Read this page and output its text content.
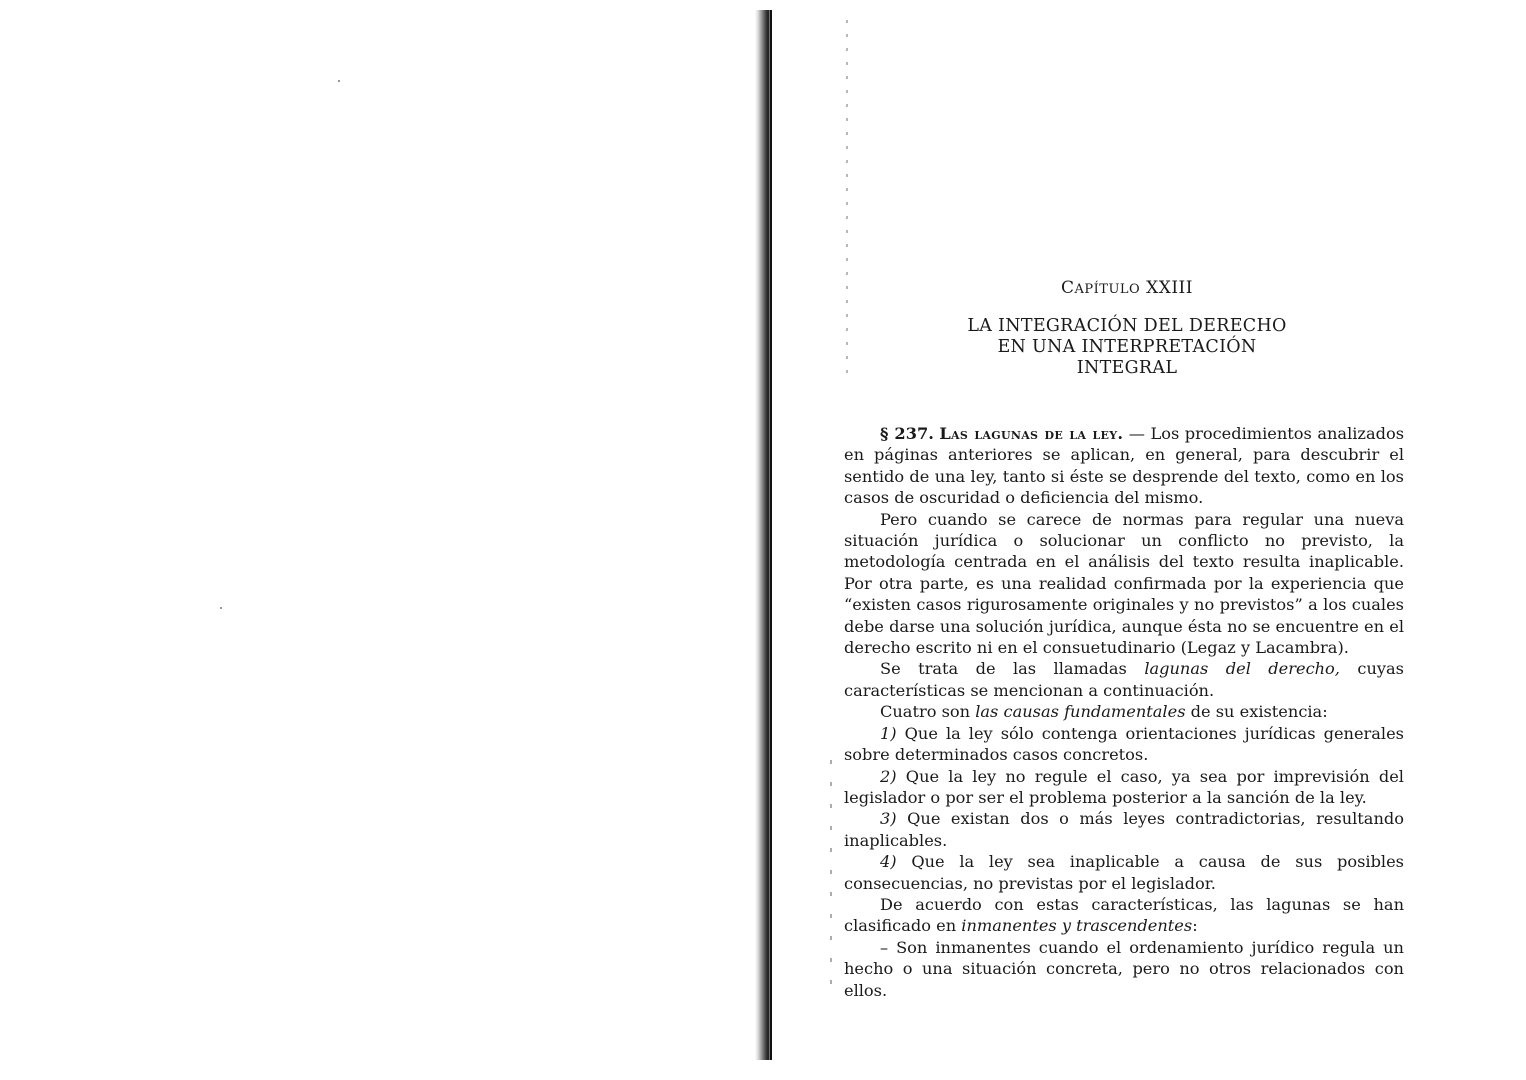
CAPÍTULO XXIII

LA INTEGRACIÓN DEL DERECHO
EN UNA INTERPRETACIÓN
INTEGRAL

§ 237. Las lagunas de la ley. — Los procedimientos analizados en páginas anteriores se aplican, en general, para descubrir el sentido de una ley, tanto si éste se desprende del texto, como en los casos de oscuridad o deficiencia del mismo.

Pero cuando se carece de normas para regular una nueva situación jurídica o solucionar un conflicto no previsto, la metodología centrada en el análisis del texto resulta inaplicable. Por otra parte, es una realidad confirmada por la experiencia que “existen casos rigurosamente originales y no previstos” a los cuales debe darse una solución jurídica, aunque ésta no se encuentre en el derecho escrito ni en el consuetudinario (Legaz y Lacambra).

Se trata de las llamadas lagunas del derecho, cuyas características se mencionan a continuación.

Cuatro son las causas fundamentales de su existencia:

1) Que la ley sólo contenga orientaciones jurídicas generales sobre determinados casos concretos.

2) Que la ley no regule el caso, ya sea por imprevisión del legislador o por ser el problema posterior a la sanción de la ley.

3) Que existan dos o más leyes contradictorias, resultando inaplicables.

4) Que la ley sea inaplicable a causa de sus posibles consecuencias, no previstas por el legislador.

De acuerdo con estas características, las lagunas se han clasificado en inmanentes y trascendentes:

– Son inmanentes cuando el ordenamiento jurídico regula un hecho o una situación concreta, pero no otros relacionados con ellos.
